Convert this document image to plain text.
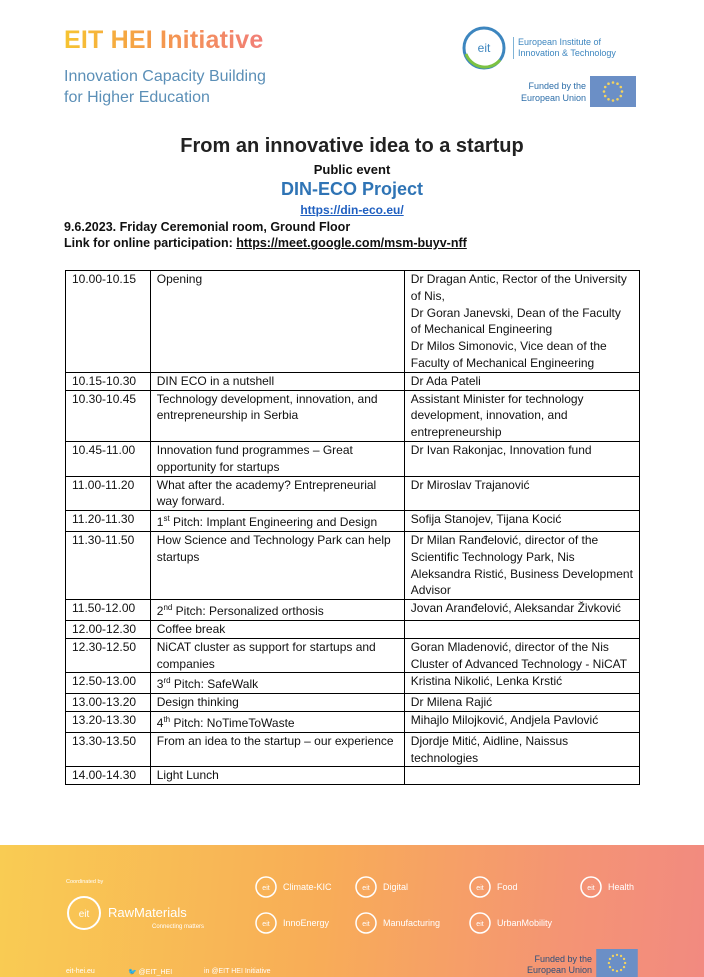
EIT HEI Initiative
Innovation Capacity Building
for Higher Education
eit	European Institute of
Innovation & Technology
Funded by the
European Union
From an innovative idea to a startup
Public event
DIN-ECO Project
https://din-eco.eu/
9.6.2023. Friday Ceremonial room, Ground Floor
Link for online participation: https://meet.google.com/msm-buyv-nff
10.00-10.15	Opening	Dr Dragan Antic, Rector of the University of Nis,
Dr Goran Janevski, Dean of the Faculty of Mechanical Engineering
Dr Milos Simonovic, Vice dean of the Faculty of Mechanical Engineering
10.15-10.30	DIN ECO in a nutshell	Dr Ada Pateli
10.30-10.45	Technology development, innovation, and entrepreneurship in Serbia	Assistant Minister for technology development, innovation, and entrepreneurship
10.45-11.00	Innovation fund programmes – Great opportunity for startups	Dr Ivan Rakonjac, Innovation fund
11.00-11.20	What after the academy? Entrepreneurial way forward.	Dr Miroslav Trajanović
11.20-11.30	1st Pitch: Implant Engineering and Design	Sofija Stanojev, Tijana Kocić
11.30-11.50	How Science and Technology Park can help startups	Dr Milan Ranđelović, director of the Scientific Technology Park, Nis
Aleksandra Ristić, Business Development Advisor
11.50-12.00	2nd Pitch: Personalized orthosis	Jovan Aranđelović, Aleksandar Živković
12.00-12.30	Coffee break	
12.30-12.50	NiCAT cluster as support for startups and companies	Goran Mladenović, director of the Nis Cluster of Advanced Technology - NiCAT
12.50-13.00	3rd Pitch: SafeWalk	Kristina Nikolić, Lenka Krstić
13.00-13.20	Design thinking	Dr Milena Rajić
13.20-13.30	4th Pitch: NoTimeToWaste	Mihajlo Milojković, Andjela Pavlović
13.30-13.50	From an idea to the startup – our experience	Djordje Mitić, Aidline, Naissus technologies
14.00-14.30	Light Lunch	
Coordinated by
eit RawMaterials
Connecting matters
eit Climate-KIC	eit Digital	eit Food	eit Health
eit InnoEnergy	eit Manufacturing	eit UrbanMobility
eit-hei.eu	🐦 @EIT_HEI	in @EIT HEI Initiative
Funded by the
European Union
